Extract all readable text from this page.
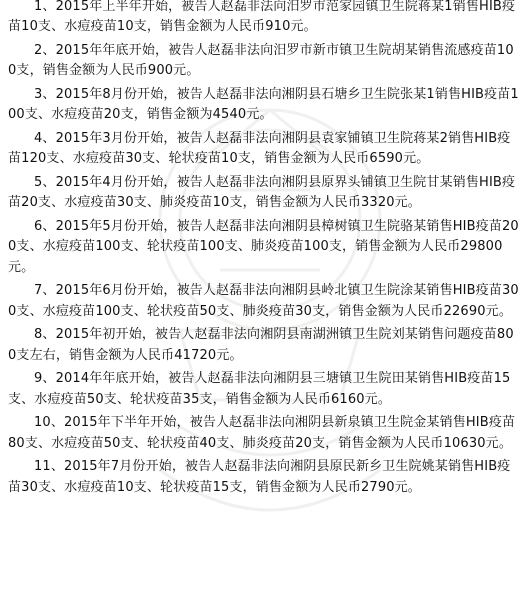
1、2015年上半年开始，被告人赵磊非法向汨罗市范家园镇卫生院蒋某1销售HIB疫苗10支、水痘疫苗10支，销售金额为人民币910元。

2、2015年年底开始，被告人赵磊非法向汨罗市新市镇卫生院胡某销售流感疫苗100支，销售金额为人民币900元。

3、2015年8月份开始，被告人赵磊非法向湘阴县石塘乡卫生院张某1销售HIB疫苗100支、水痘疫苗20支，销售金额为4540元。

4、2015年3月份开始，被告人赵磊非法向湘阴县袁家铺镇卫生院蒋某2销售HIB疫苗120支、水痘疫苗30支、轮状疫苗10支，销售金额为人民币6590元。

5、2015年4月份开始，被告人赵磊非法向湘阴县原界头铺镇卫生院甘某销售HIB疫苗20支、水痘疫苗30支、肺炎疫苗10支，销售金额为人民币3320元。

6、2015年5月份开始，被告人赵磊非法向湘阴县樟树镇卫生院骆某销售HIB疫苗200支、水痘疫苗100支、轮状疫苗100支、肺炎疫苗100支，销售金额为人民币29800元。

7、2015年6月份开始，被告人赵磊非法向湘阴县岭北镇卫生院涂某销售HIB疫苗300支、水痘疫苗100支、轮状疫苗50支、肺炎疫苗30支，销售金额为人民币22690元。

8、2015年初开始，被告人赵磊非法向湘阴县南湖洲镇卫生院刘某销售问题疫苗800支左右，销售金额为人民币41720元。

9、2014年年底开始，被告人赵磊非法向湘阴县三塘镇卫生院田某销售HIB疫苗15支、水痘疫苗50支、轮状疫苗35支，销售金额为人民币6160元。

10、2015年下半年开始，被告人赵磊非法向湘阴县新泉镇卫生院金某销售HIB疫苗80支、水痘疫苗50支、轮状疫苗40支、肺炎疫苗20支，销售金额为人民币10630元。

11、2015年7月份开始，被告人赵磊非法向湘阴县原民新乡卫生院姚某销售HIB疫苗30支、水痘疫苗10支、轮状疫苗15支，销售金额为人民币2790元。
